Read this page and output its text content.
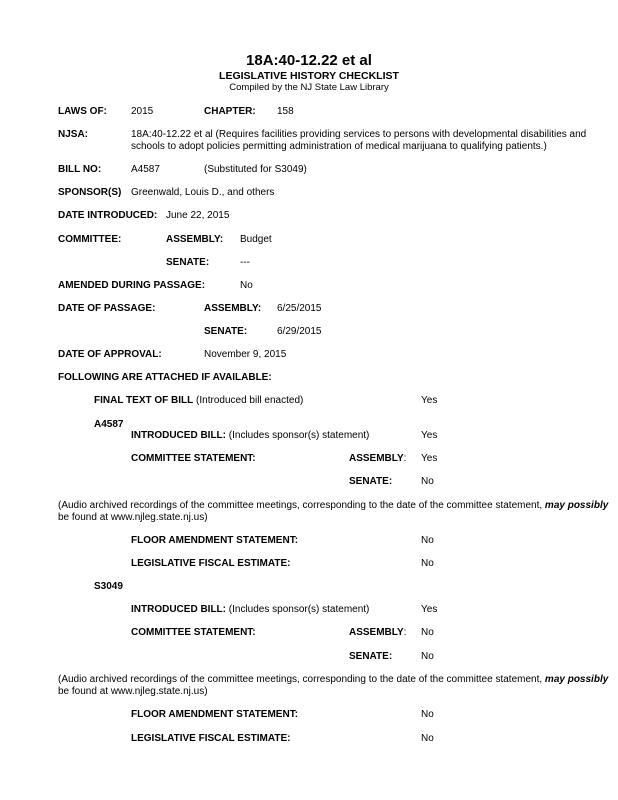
18A:40-12.22 et al
LEGISLATIVE HISTORY CHECKLIST
Compiled by the NJ State Law Library
LAWS OF: 2015	CHAPTER: 158
NJSA:	18A:40-12.22 et al (Requires facilities providing services to persons with developmental disabilities and
schools to adopt policies permitting administration of medical marijuana to qualifying patients.)
BILL NO:	A4587	(Substituted for S3049)
SPONSOR(S) Greenwald, Louis D., and others
DATE INTRODUCED: June 22, 2015
COMMITTEE:	ASSEMBLY: Budget
SENATE:	---
AMENDED DURING PASSAGE:	No
DATE OF PASSAGE:	ASSEMBLY: 6/25/2015
SENATE:	6/29/2015
DATE OF APPROVAL:	November 9, 2015
FOLLOWING ARE ATTACHED IF AVAILABLE:
FINAL TEXT OF BILL (Introduced bill enacted)	Yes
A4587
INTRODUCED BILL: (Includes sponsor(s) statement)	Yes
COMMITTEE STATEMENT:	ASSEMBLY: Yes
SENATE:	No
(Audio archived recordings of the committee meetings, corresponding to the date of the committee statement, may possibly
be found at www.njleg.state.nj.us)
FLOOR AMENDMENT STATEMENT:	No
LEGISLATIVE FISCAL ESTIMATE:	No
S3049
INTRODUCED BILL: (Includes sponsor(s) statement)	Yes
COMMITTEE STATEMENT:	ASSEMBLY: No
SENATE:	No
(Audio archived recordings of the committee meetings, corresponding to the date of the committee statement, may possibly
be found at www.njleg.state.nj.us)
FLOOR AMENDMENT STATEMENT:	No
LEGISLATIVE FISCAL ESTIMATE:	No
